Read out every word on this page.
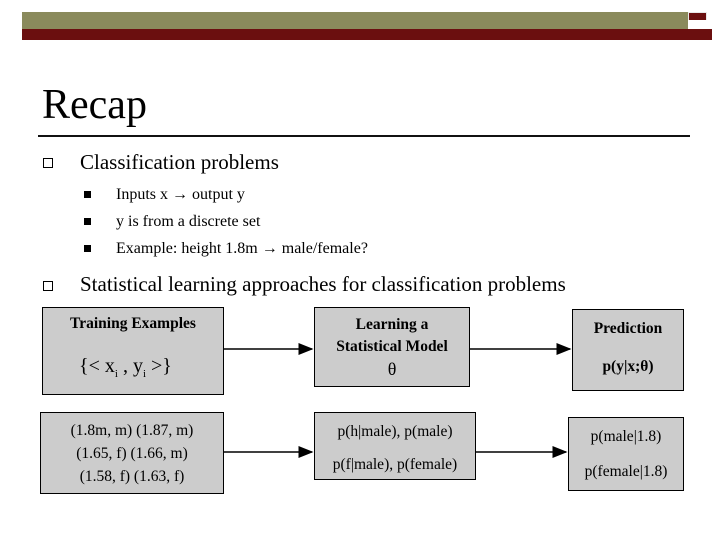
Recap
Classification problems
Inputs x → output y
y is from a discrete set
Example: height 1.8m → male/female?
Statistical learning approaches for classification problems
Training Examples
{< $x_i$ , $y_i$ >}
Learning a
Statistical Model
θ
Prediction
p(y|x;θ)
(1.8m, m) (1.87, m)
(1.65, f) (1.66, m)
(1.58, f) (1.63, f)
p(h|male), p(male)
p(f|male), p(female)
p(male|1.8)
p(female|1.8)
